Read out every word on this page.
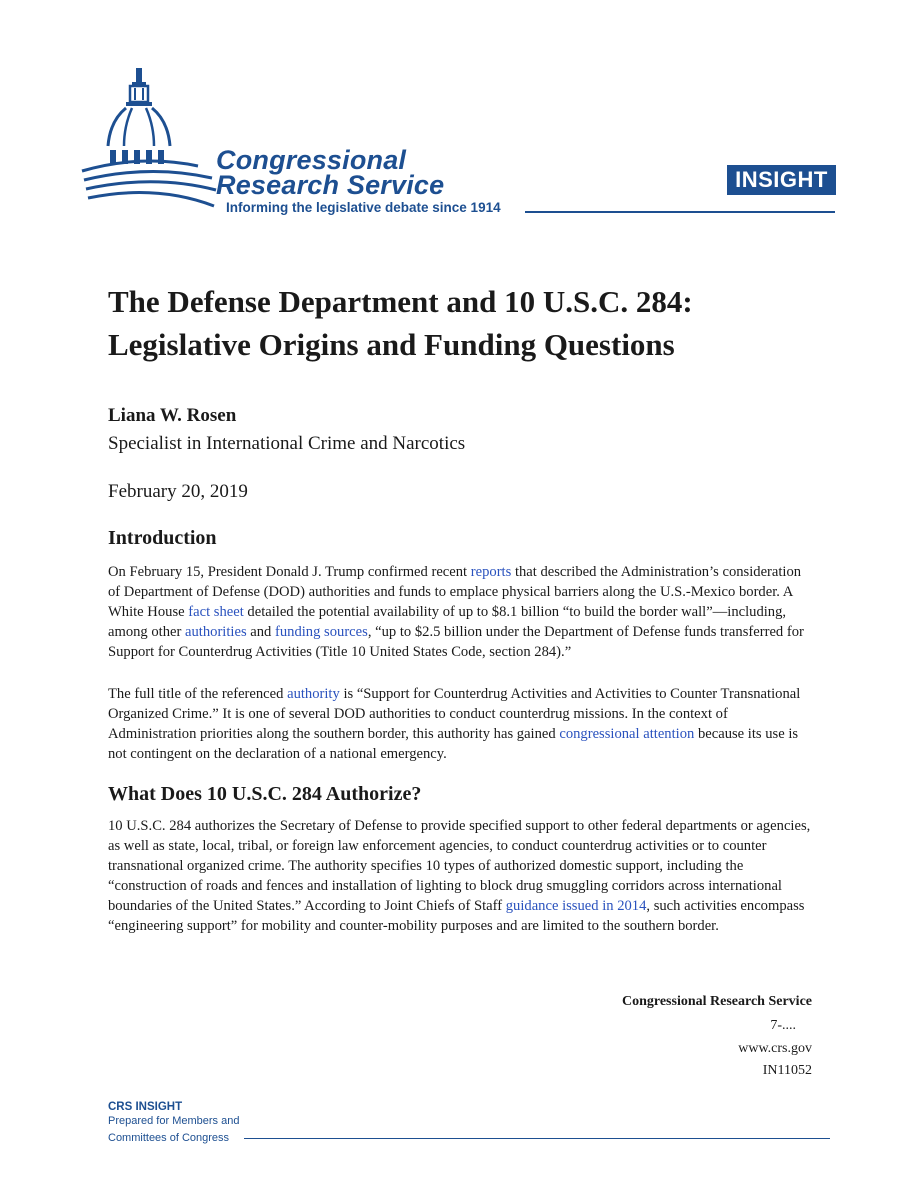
Congressional
Research Service
Informing the legislative debate since 1914
INSIGHT
The Defense Department and 10 U.S.C. 284: Legislative Origins and Funding Questions
Liana W. Rosen
Specialist in International Crime and Narcotics
February 20, 2019
Introduction

On February 15, President Donald J. Trump confirmed recent reports that described the Administration’s consideration of Department of Defense (DOD) authorities and funds to emplace physical barriers along the U.S.-Mexico border. A White House fact sheet detailed the potential availability of up to $8.1 billion “to build the border wall”—including, among other authorities and funding sources, “up to $2.5 billion under the Department of Defense funds transferred for Support for Counterdrug Activities (Title 10 United States Code, section 284).”

The full title of the referenced authority is “Support for Counterdrug Activities and Activities to Counter Transnational Organized Crime.” It is one of several DOD authorities to conduct counterdrug missions. In the context of Administration priorities along the southern border, this authority has gained congressional attention because its use is not contingent on the declaration of a national emergency.

What Does 10 U.S.C. 284 Authorize?

10 U.S.C. 284 authorizes the Secretary of Defense to provide specified support to other federal departments or agencies, as well as state, local, tribal, or foreign law enforcement agencies, to conduct counterdrug activities or to counter transnational organized crime. The authority specifies 10 types of authorized domestic support, including the “construction of roads and fences and installation of lighting to block drug smuggling corridors across international boundaries of the United States.” According to Joint Chiefs of Staff guidance issued in 2014, such activities encompass “engineering support” for mobility and counter-mobility purposes and are limited to the southern border.

Congressional Research Service
7-....
www.crs.gov
IN11052
CRS INSIGHT
Prepared for Members and
Committees of Congress
